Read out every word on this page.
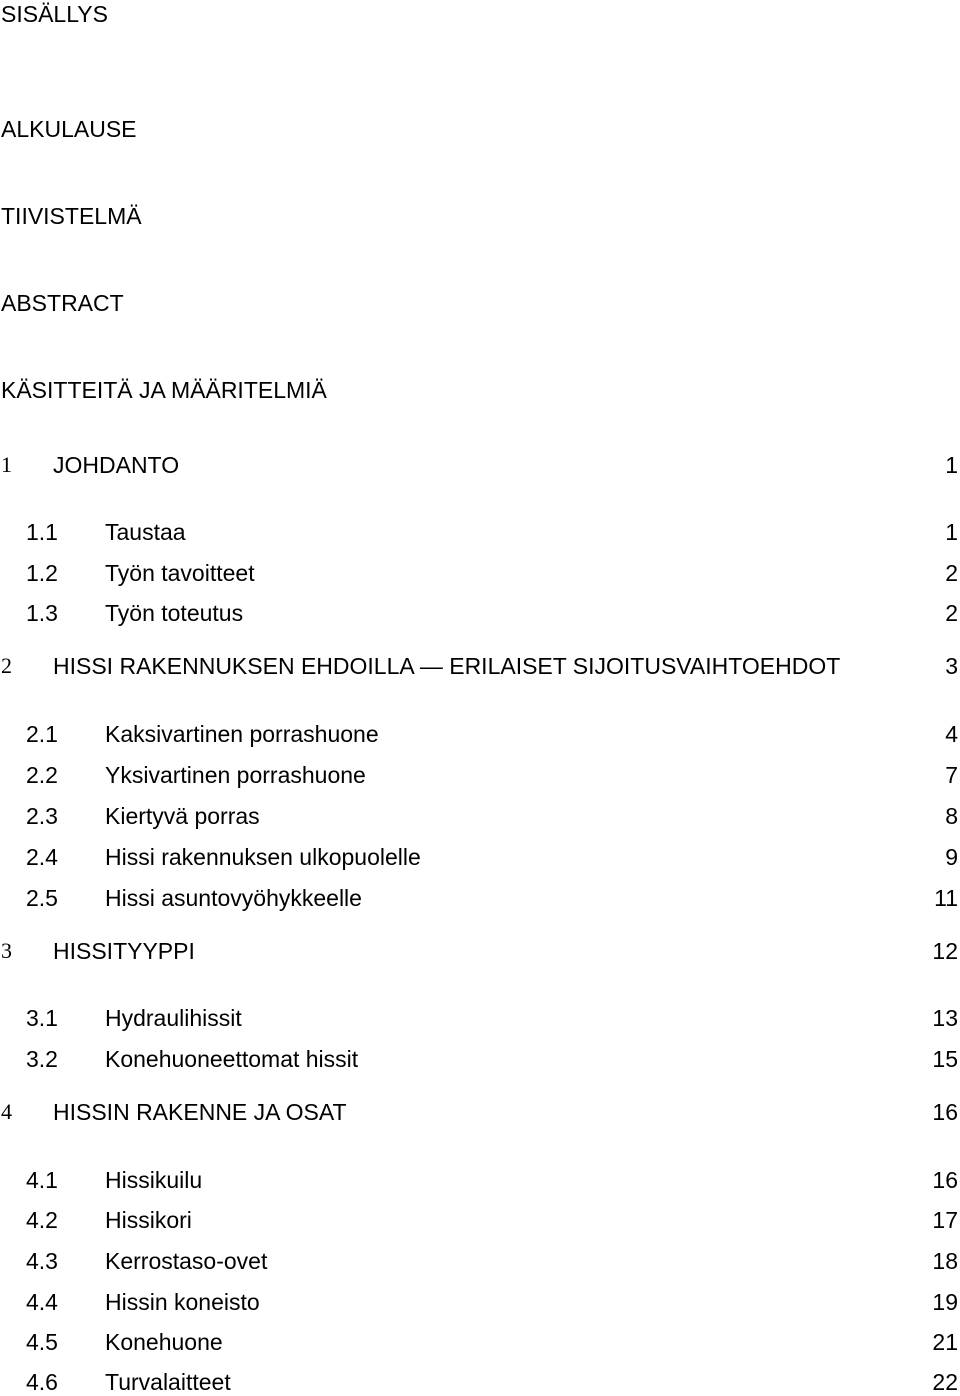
SISÄLLYS
ALKULAUSE
TIIVISTELMÄ
ABSTRACT
KÄSITTEITÄ JA MÄÄRITELMIÄ
1 JOHDANTO	1
1.1 Taustaa	1
1.2 Työn tavoitteet	2
1.3 Työn toteutus	2
2 HISSI RAKENNUKSEN EHDOILLA — ERILAISET SIJOITUSVAIHTOEHDOT	3
2.1 Kaksivartinen porrashuone	4
2.2 Yksivartinen porrashuone	7
2.3 Kiertyvä porras	8
2.4 Hissi rakennuksen ulkopuolelle	9
2.5 Hissi asuntovyöhykkeelle	11
3 HISSITYYPPI	12
3.1 Hydraulihissit	13
3.2 Konehuoneettomat hissit	15
4 HISSIN RAKENNE JA OSAT	16
4.1 Hissikuilu	16
4.2 Hissikori	17
4.3 Kerrostaso-ovet	18
4.4 Hissin koneisto	19
4.5 Konehuone	21
4.6 Turvalaitteet	22
